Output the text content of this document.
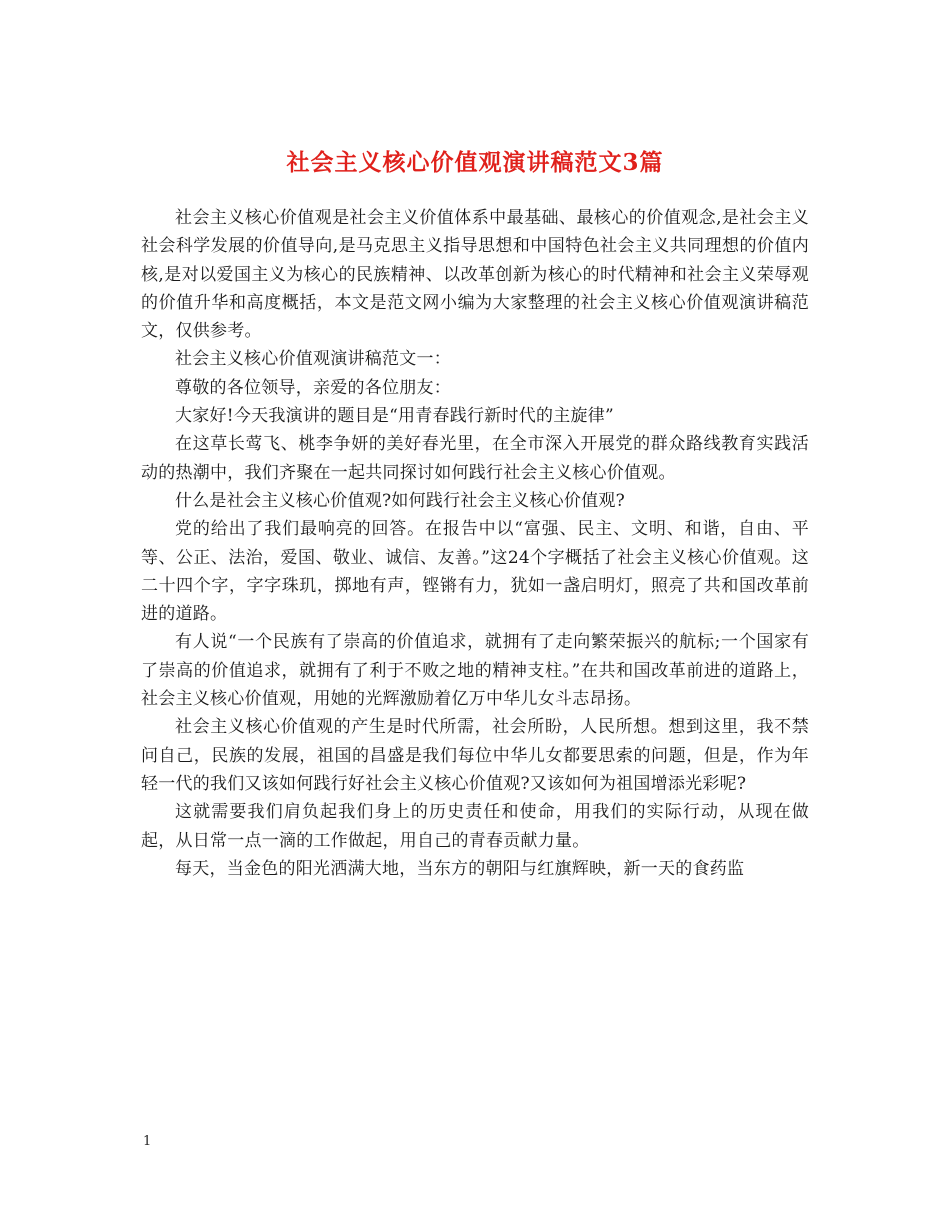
社会主义核心价值观演讲稿范文3篇

社会主义核心价值观是社会主义价值体系中最基础、最核心的价值观念,是社会主义社会科学发展的价值导向,是马克思主义指导思想和中国特色社会主义共同理想的价值内核,是对以爱国主义为核心的民族精神、以改革创新为核心的时代精神和社会主义荣辱观的价值升华和高度概括，本文是范文网小编为大家整理的社会主义核心价值观演讲稿范文，仅供参考。

社会主义核心价值观演讲稿范文一：

尊敬的各位领导，亲爱的各位朋友：

大家好!今天我演讲的题目是“用青春践行新时代的主旋律”

在这草长莺飞、桃李争妍的美好春光里，在全市深入开展党的群众路线教育实践活动的热潮中，我们齐聚在一起共同探讨如何践行社会主义核心价值观。

什么是社会主义核心价值观?如何践行社会主义核心价值观?

党的给出了我们最响亮的回答。在报告中以“富强、民主、文明、和谐，自由、平等、公正、法治，爱国、敬业、诚信、友善。”这24个字概括了社会主义核心价值观。这二十四个字，字字珠玑，掷地有声，铿锵有力，犹如一盏启明灯，照亮了共和国改革前进的道路。

有人说“一个民族有了崇高的价值追求，就拥有了走向繁荣振兴的航标;一个国家有了崇高的价值追求，就拥有了利于不败之地的精神支柱。”在共和国改革前进的道路上，社会主义核心价值观，用她的光辉激励着亿万中华儿女斗志昂扬。

社会主义核心价值观的产生是时代所需，社会所盼，人民所想。想到这里，我不禁问自己，民族的发展，祖国的昌盛是我们每位中华儿女都要思索的问题，但是，作为年轻一代的我们又该如何践行好社会主义核心价值观?又该如何为祖国增添光彩呢?

这就需要我们肩负起我们身上的历史责任和使命，用我们的实际行动，从现在做起，从日常一点一滴的工作做起，用自己的青春贡献力量。

每天，当金色的阳光洒满大地，当东方的朝阳与红旗辉映，新一天的食药监

1
